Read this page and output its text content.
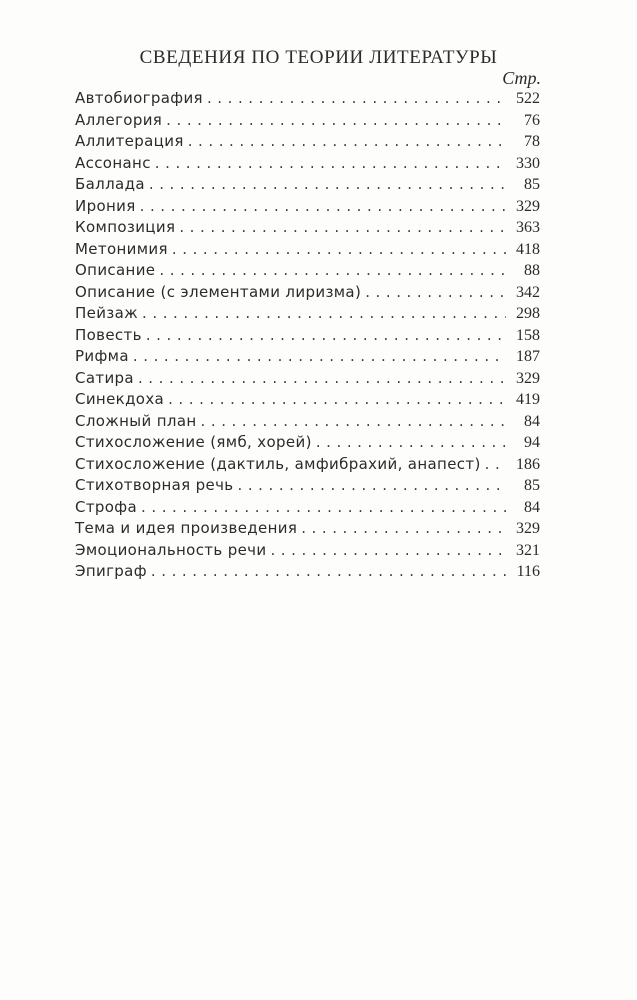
СВЕДЕНИЯ ПО ТЕОРИИ ЛИТЕРАТУРЫ
Стр.
Автобиография . . .	522
Аллегория . . .	76
Аллитерация . . .	78
Ассонанс . . .	330
Баллада . . .	85
Ирония . . .	329
Композиция . . .	363
Метонимия . . .	418
Описание . . .	88
Описание (с элементами лиризма) . . .	342
Пейзаж . . .	298
Повесть . . .	158
Рифма . . .	187
Сатира . . .	329
Синекдоха . . .	419
Сложный план . . .	84
Стихосложение (ямб, хорей) . . .	94
Стихосложение (дактиль, амфибрахий, анапест) . . .	186
Стихотворная речь . . .	85
Строфа . . .	84
Тема и идея произведения . . .	329
Эмоциональность речи . . .	321
Эпиграф . . .	116
